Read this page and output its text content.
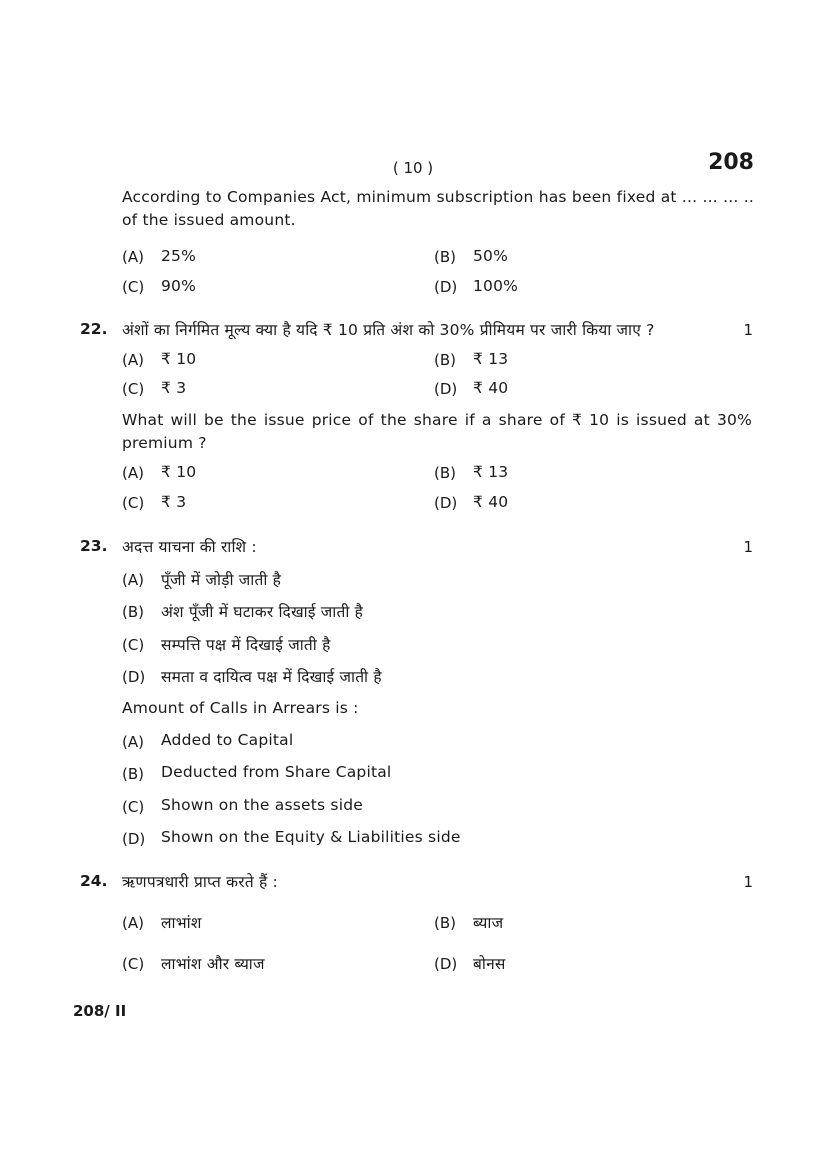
( 10 )	208
According to Companies Act, minimum subscription has been fixed at ... ... ... .. of the issued amount.
(A) 25%	(B) 50%
(C) 90%	(D) 100%
22. अंशों का निर्गमित मूल्य क्या है यदि ₹ 10 प्रति अंश को 30% प्रीमियम पर जारी किया जाए ?	1
(A) ₹ 10	(B) ₹ 13
(C) ₹ 3	(D) ₹ 40
What will be the issue price of the share if a share of ₹ 10 is issued at 30% premium ?
(A) ₹ 10	(B) ₹ 13
(C) ₹ 3	(D) ₹ 40
23. अदत्त याचना की राशि :	1
(A) पूँजी में जोड़ी जाती है
(B) अंश पूँजी में घटाकर दिखाई जाती है
(C) सम्पत्ति पक्ष में दिखाई जाती है
(D) समता व दायित्व पक्ष में दिखाई जाती है
Amount of Calls in Arrears is :
(A) Added to Capital
(B) Deducted from Share Capital
(C) Shown on the assets side
(D) Shown on the Equity & Liabilities side
24. ऋणपत्रधारी प्राप्त करते हैं :	1
(A) लाभांश	(B) ब्याज
(C) लाभांश और ब्याज	(D) बोनस
208/ II
